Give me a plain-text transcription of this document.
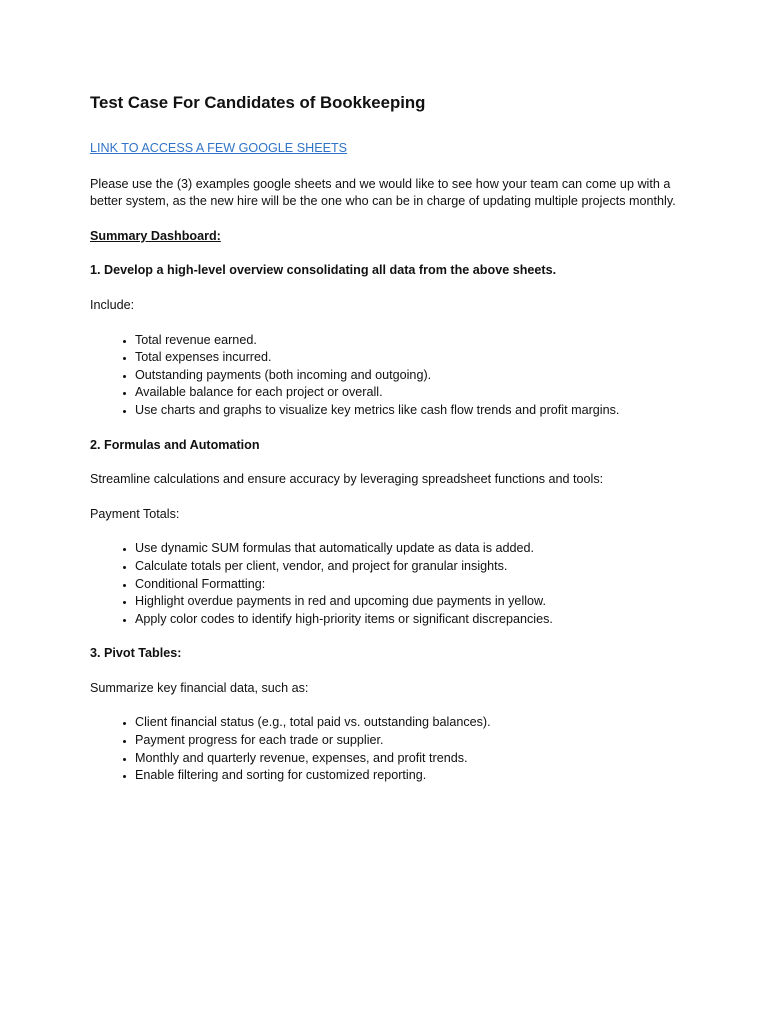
Test Case For Candidates of Bookkeeping
LINK TO ACCESS A FEW GOOGLE SHEETS

Please use the (3) examples google sheets and we would like to see how your team can come up with a better system, as the new hire will be the one who can be in charge of updating multiple projects monthly.

Summary Dashboard:

1. Develop a high-level overview consolidating all data from the above sheets.

Include:

• Total revenue earned.
• Total expenses incurred.
• Outstanding payments (both incoming and outgoing).
• Available balance for each project or overall.
• Use charts and graphs to visualize key metrics like cash flow trends and profit margins.

2. Formulas and Automation

Streamline calculations and ensure accuracy by leveraging spreadsheet functions and tools:

Payment Totals:

• Use dynamic SUM formulas that automatically update as data is added.
• Calculate totals per client, vendor, and project for granular insights.
• Conditional Formatting:
• Highlight overdue payments in red and upcoming due payments in yellow.
• Apply color codes to identify high-priority items or significant discrepancies.

3. Pivot Tables:

Summarize key financial data, such as:

• Client financial status (e.g., total paid vs. outstanding balances).
• Payment progress for each trade or supplier.
• Monthly and quarterly revenue, expenses, and profit trends.
• Enable filtering and sorting for customized reporting.
